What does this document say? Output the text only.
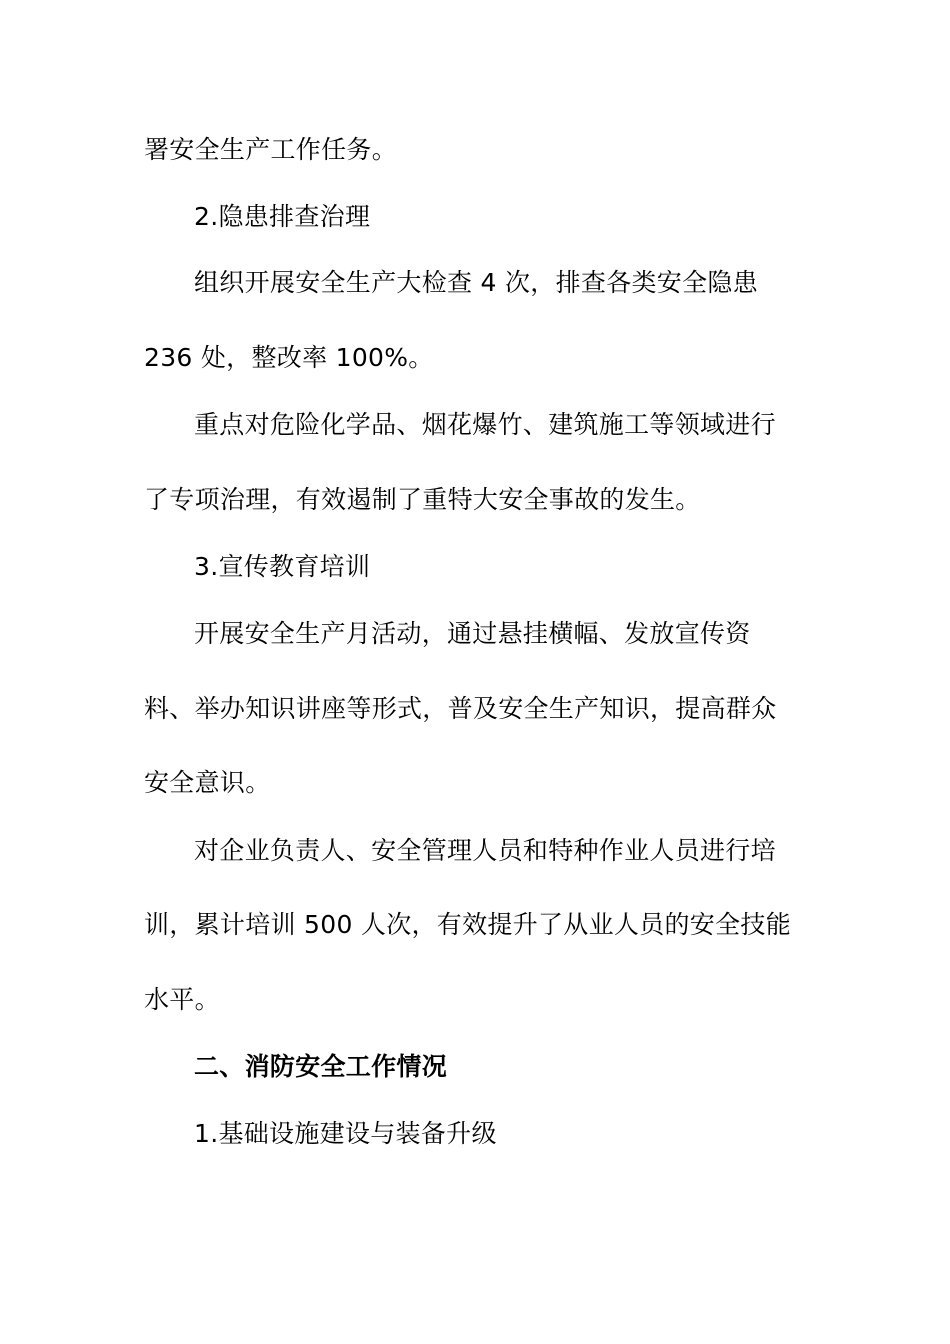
署安全生产工作任务。
2.隐患排查治理
组织开展安全生产大检查 4 次，排查各类安全隐患
236 处，整改率 100%。
重点对危险化学品、烟花爆竹、建筑施工等领域进行
了专项治理，有效遏制了重特大安全事故的发生。
3.宣传教育培训
开展安全生产月活动，通过悬挂横幅、发放宣传资
料、举办知识讲座等形式，普及安全生产知识，提高群众
安全意识。
对企业负责人、安全管理人员和特种作业人员进行培
训，累计培训 500 人次，有效提升了从业人员的安全技能
水平。
二、消防安全工作情况
1.基础设施建设与装备升级
